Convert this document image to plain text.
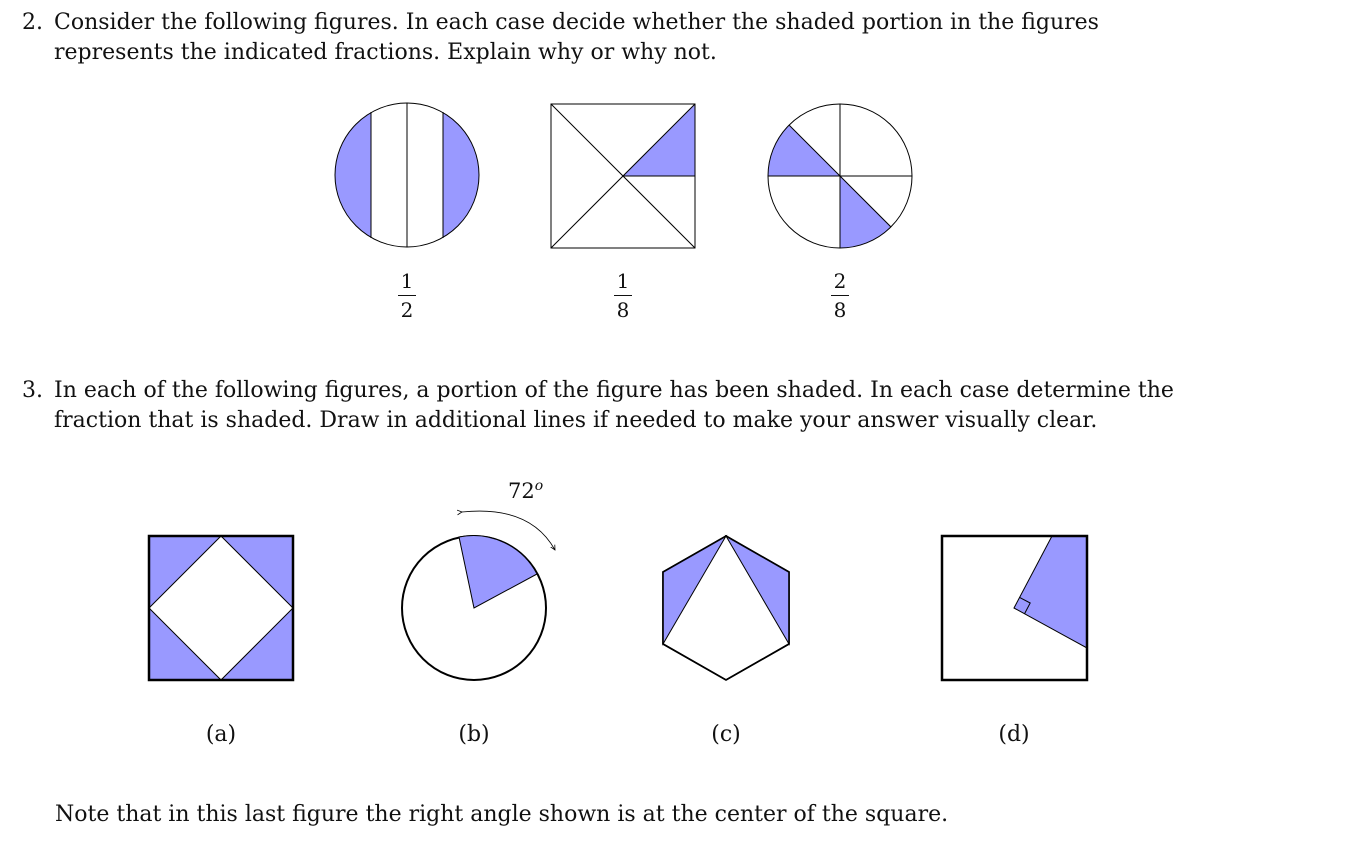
2. Consider the following figures. In each case decide whether the shaded portion in the figures represents the indicated fractions. Explain why or why not.
3. In each of the following figures, a portion of the figure has been shaded. In each case determine the fraction that is shaded. Draw in additional lines if needed to make your answer visually clear.
1
2
1
8
2
8
72$^o$
(a)	(b)	(c)	(d)
Note that in this last figure the right angle shown is at the center of the square.
